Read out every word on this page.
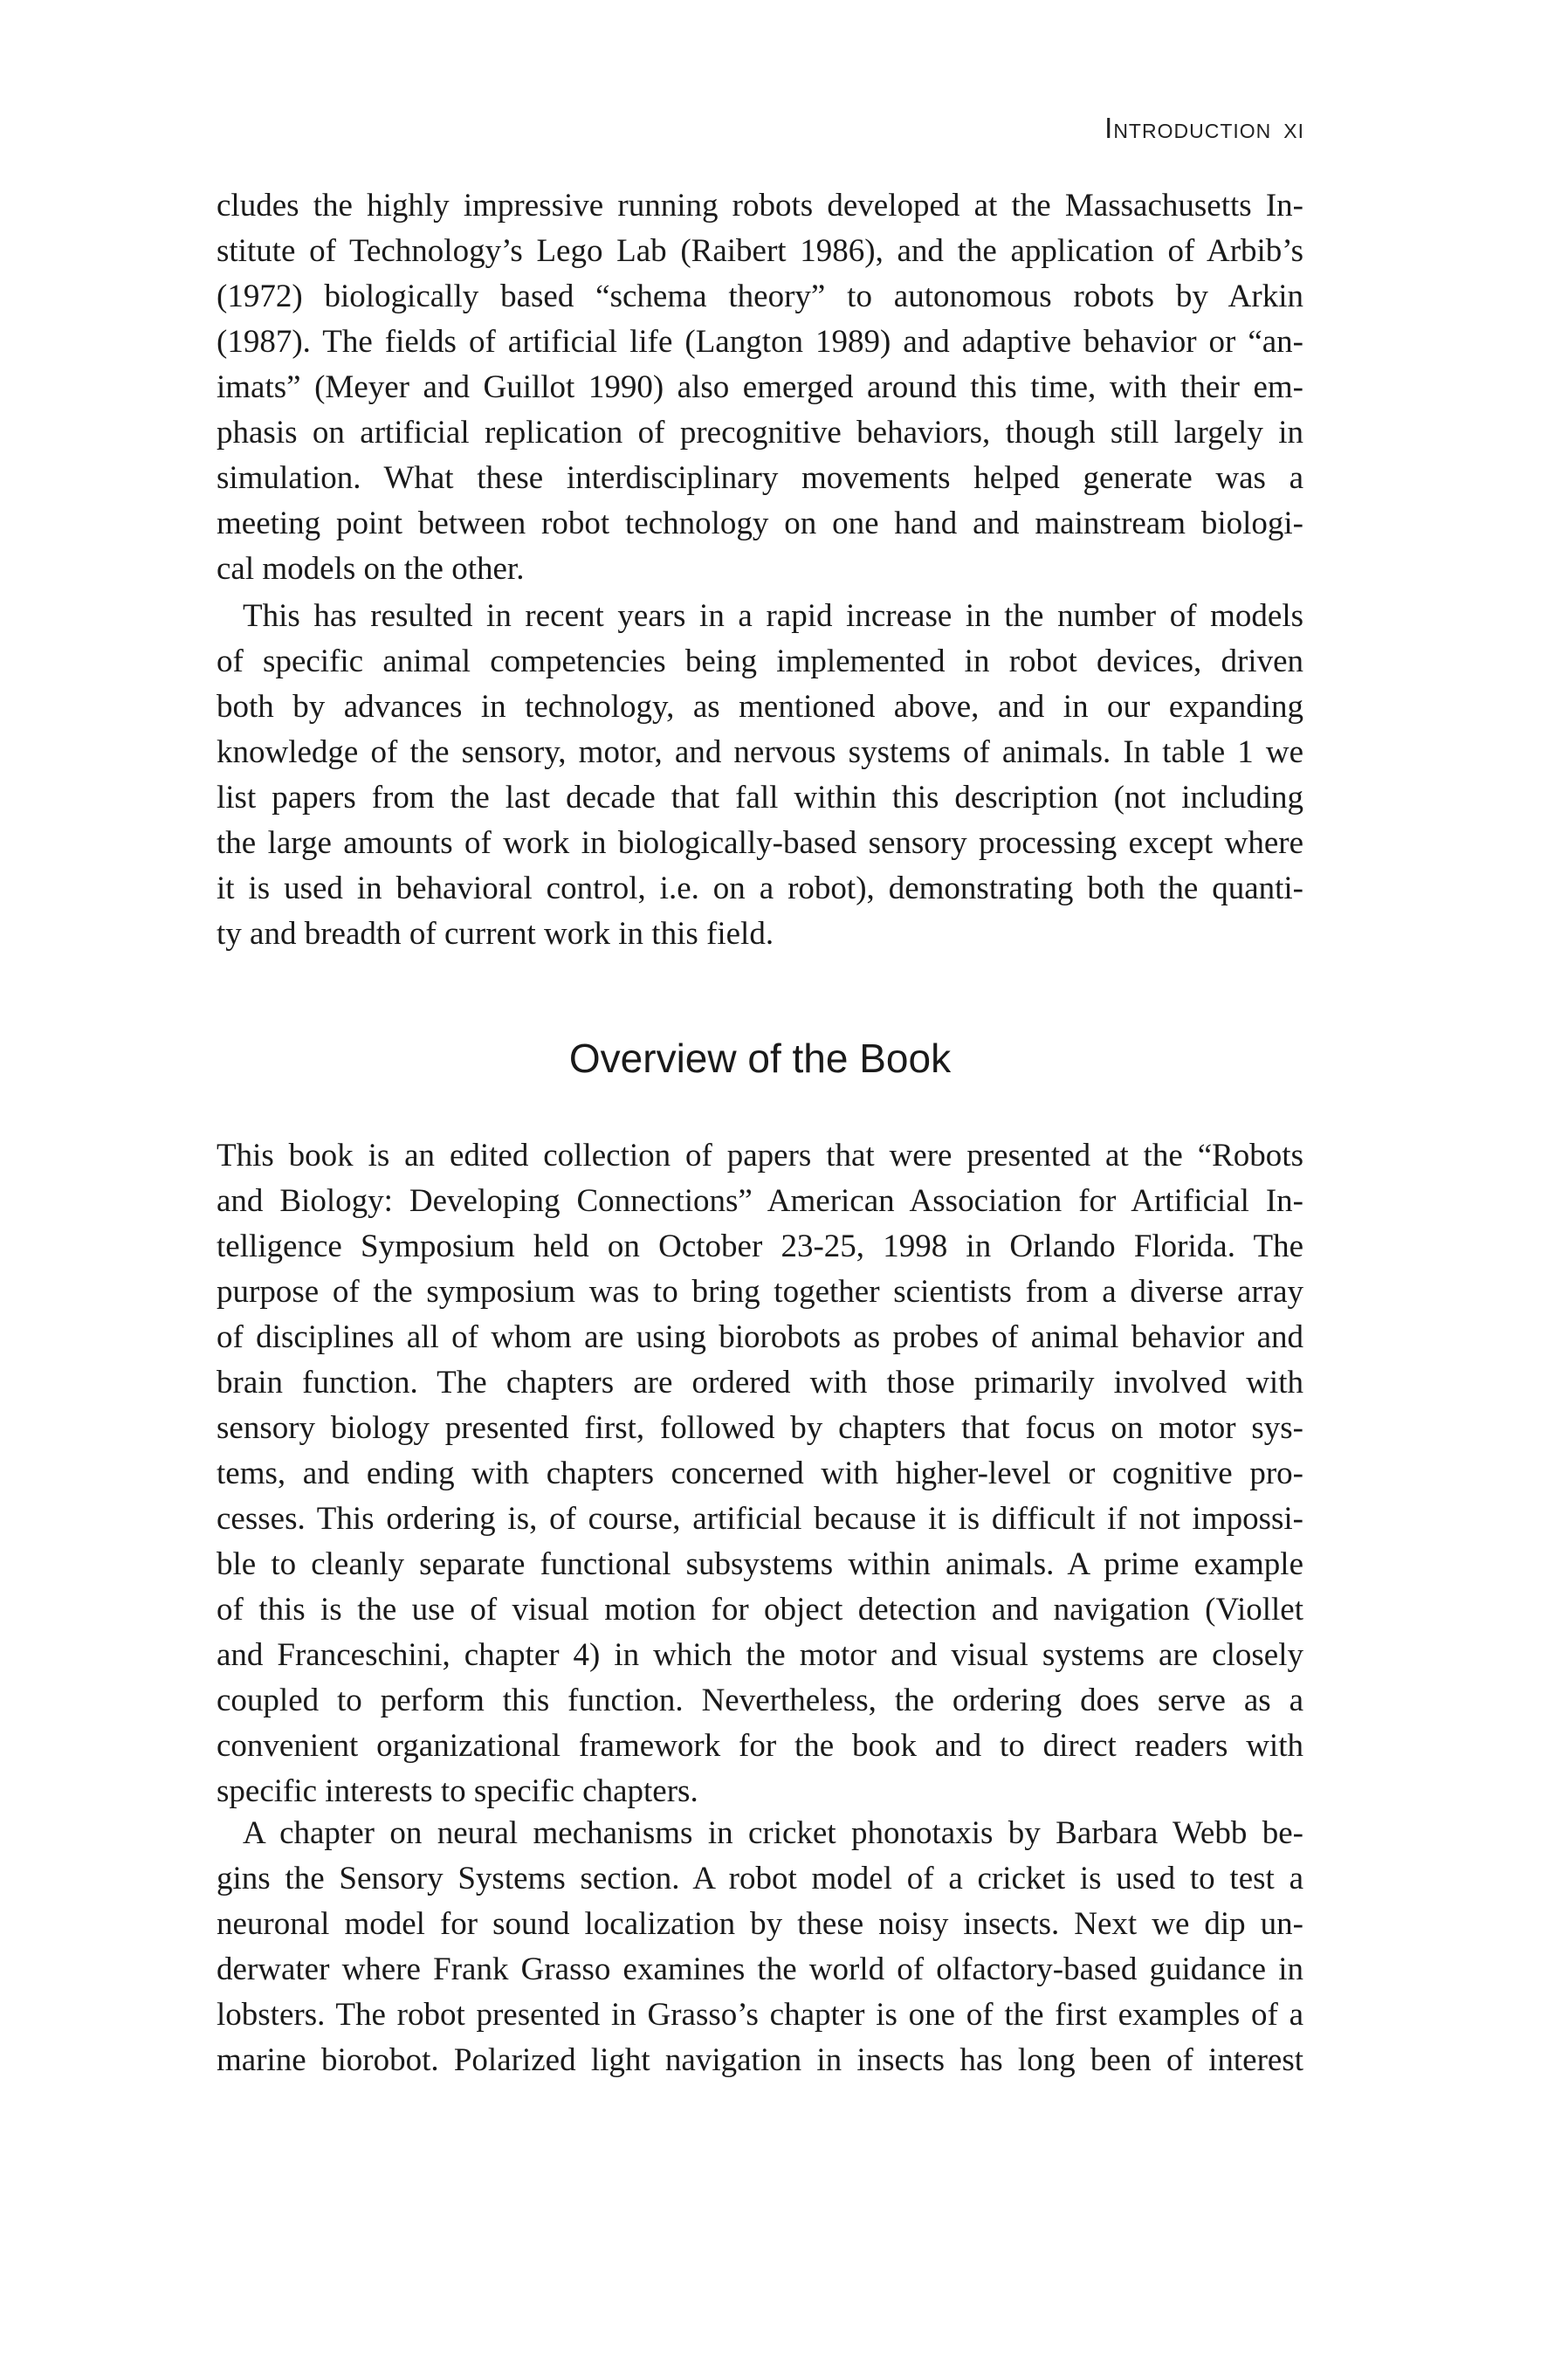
Introduction xi
cludes the highly impressive running robots developed at the Massachusetts In-
stitute of Technology’s Lego Lab (Raibert 1986), and the application of Arbib’s
(1972) biologically based “schema theory” to autonomous robots by Arkin
(1987). The fields of artificial life (Langton 1989) and adaptive behavior or “an-
imats” (Meyer and Guillot 1990) also emerged around this time, with their em-
phasis on artificial replication of precognitive behaviors, though still largely in
simulation. What these interdisciplinary movements helped generate was a
meeting point between robot technology on one hand and mainstream biologi-
cal models on the other.
This has resulted in recent years in a rapid increase in the number of models
of specific animal competencies being implemented in robot devices, driven
both by advances in technology, as mentioned above, and in our expanding
knowledge of the sensory, motor, and nervous systems of animals. In table 1 we
list papers from the last decade that fall within this description (not including
the large amounts of work in biologically-based sensory processing except where
it is used in behavioral control, i.e. on a robot), demonstrating both the quanti-
ty and breadth of current work in this field.
Overview of the Book
This book is an edited collection of papers that were presented at the “Robots
and Biology: Developing Connections” American Association for Artificial In-
telligence Symposium held on October 23-25, 1998 in Orlando Florida. The
purpose of the symposium was to bring together scientists from a diverse array
of disciplines all of whom are using biorobots as probes of animal behavior and
brain function. The chapters are ordered with those primarily involved with
sensory biology presented first, followed by chapters that focus on motor sys-
tems, and ending with chapters concerned with higher-level or cognitive pro-
cesses. This ordering is, of course, artificial because it is difficult if not impossi-
ble to cleanly separate functional subsystems within animals. A prime example
of this is the use of visual motion for object detection and navigation (Viollet
and Franceschini, chapter 4) in which the motor and visual systems are closely
coupled to perform this function. Nevertheless, the ordering does serve as a
convenient organizational framework for the book and to direct readers with
specific interests to specific chapters.
A chapter on neural mechanisms in cricket phonotaxis by Barbara Webb be-
gins the Sensory Systems section. A robot model of a cricket is used to test a
neuronal model for sound localization by these noisy insects. Next we dip un-
derwater where Frank Grasso examines the world of olfactory-based guidance in
lobsters. The robot presented in Grasso’s chapter is one of the first examples of a
marine biorobot. Polarized light navigation in insects has long been of interest
